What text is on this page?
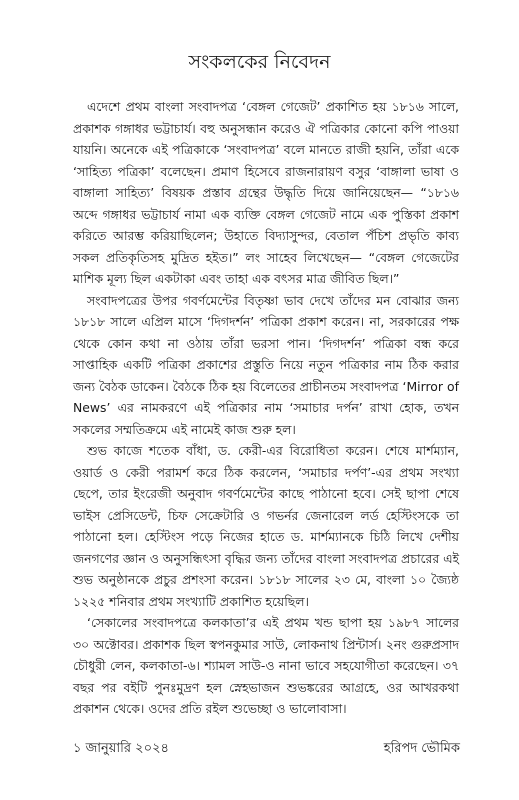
সংকলকের নিবেদন

এদেশে প্রথম বাংলা সংবাদপত্র ‘বেঙ্গল গেজেট’ প্রকাশিত হয় ১৮১৬ সালে, প্রকাশক গঙ্গাধর ভট্টাচার্য। বহু অনুসন্ধান করেও ঐ পত্রিকার কোনো কপি পাওয়া যায়নি। অনেকে এই পত্রিকাকে ‘সংবাদপত্র’ বলে মানতে রাজী হয়নি, তাঁরা একে ‘সাহিত্য পত্রিকা’ বলেছেন। প্রমাণ হিসেবে রাজনারায়ণ বসুর ‘বাঙ্গালা ভাষা ও বাঙ্গালা সাহিত্য’ বিষয়ক প্রস্তাব গ্রন্থের উদ্ধৃতি দিয়ে জানিয়েছেন— “১৮১৬ অব্দে গঙ্গাধর ভট্টাচার্য নামা এক ব্যক্তি বেঙ্গল গেজেট নামে এক পুস্তিকা প্রকাশ করিতে আরম্ভ করিয়াছিলেন; উহাতে বিদ্যাসুন্দর, বেতাল পঁচিশ প্রভৃতি কাব্য সকল প্রতিকৃতিসহ মুদ্রিত হইত।” লং সাহেব লিখেছেন— “বেঙ্গল গেজেটের মাশিক মূল্য ছিল একটাকা এবং তাহা এক বৎসর মাত্র জীবিত ছিল।”

সংবাদপত্রের উপর গবর্ণমেন্টের বিতৃষ্ণা ভাব দেখে তাঁদের মন বোঝার জন্য ১৮১৮ সালে এপ্রিল মাসে ‘দিগদর্শন’ পত্রিকা প্রকাশ করেন। না, সরকারের পক্ষ থেকে কোন কথা না ওঠায় তাঁরা ভরসা পান। ‘দিগদর্শন’ পত্রিকা বন্ধ করে সাপ্তাহিক একটি পত্রিকা প্রকাশের প্রস্তুতি নিয়ে নতুন পত্রিকার নাম ঠিক করার জন্য বৈঠক ডাকেন। বৈঠকে ঠিক হয় বিলেতের প্রাচীনতম সংবাদপত্র ‘Mirror of News’ এর নামকরণে এই পত্রিকার নাম ‘সমাচার দর্পন’ রাখা হোক, তখন সকলের সম্মতিক্রমে এই নামেই কাজ শুরু হল।

শুভ কাজে শতেক বাঁধা, ড. কেরী-এর বিরোধিতা করেন। শেষে মার্শম্যান, ওয়ার্ড ও কেরী পরামর্শ করে ঠিক করলেন, ‘সমাচার দর্পণ’-এর প্রথম সংখ্যা ছেপে, তার ইংরেজী অনুবাদ গবর্ণমেন্টের কাছে পাঠানো হবে। সেই ছাপা শেষে ভাইস প্রেসিডেন্ট, চিফ সেক্রেটারি ও গভর্নর জেনারেল লর্ড হেস্টিংসকে তা পাঠানো হল। হেস্টিংস পড়ে নিজের হাতে ড. মার্শম্যানকে চিঠি লিখে দেশীয় জনগণের জ্ঞান ও অনুসন্ধিৎসা বৃদ্ধির জন্য তাঁদের বাংলা সংবাদপত্র প্রচারের এই শুভ অনুষ্ঠানকে প্রচুর প্রশংসা করেন। ১৮১৮ সালের ২৩ মে, বাংলা ১০ জ্যৈষ্ঠ ১২২৫ শনিবার প্রথম সংখ্যাটি প্রকাশিত হয়েছিল।

‘সেকালের সংবাদপত্রে কলকাতা’র এই প্রথম খন্ড ছাপা হয় ১৯৮৭ সালের ৩০ অক্টোবর। প্রকাশক ছিল স্বপনকুমার সাউ, লোকনাথ প্রিন্টার্স। ২নং গুরুপ্রসাদ চৌধুরী লেন, কলকাতা-৬। শ্যামল সাউ-ও নানা ভাবে সহযোগীতা করেছেন। ৩৭ বছর পর বইটি পুনঃমুদ্রণ হল স্নেহভাজন শুভঙ্করের আগ্রহে, ওর আখরকথা প্রকাশন থেকে। ওদের প্রতি রইল শুভেচ্ছা ও ভালোবাসা।

১ জানুয়ারি ২০২৪	হরিপদ ভৌমিক
